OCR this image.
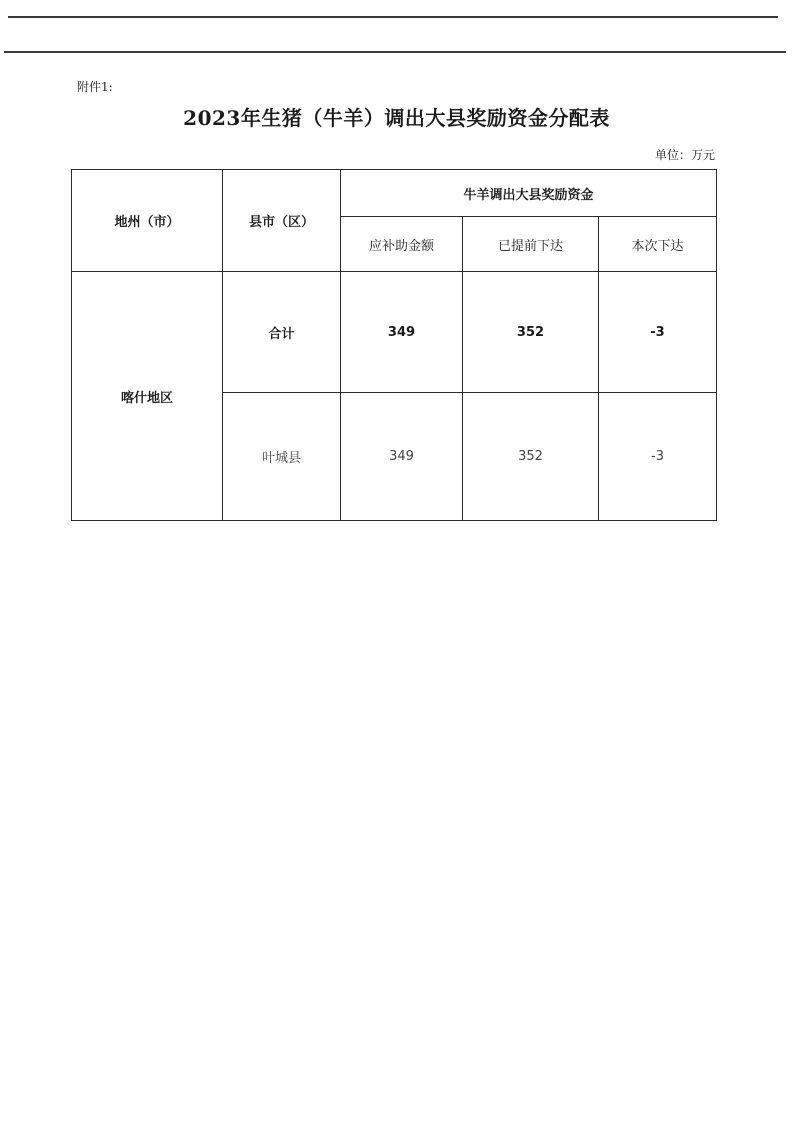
附件1:
2023年生猪（牛羊）调出大县奖励资金分配表
单位：万元
地州（市）	县市（区）	牛羊调出大县奖励资金		
		应补助金额	已提前下达	本次下达
喀什地区	合计	349	352	-3
	叶城县	349	352	-3
